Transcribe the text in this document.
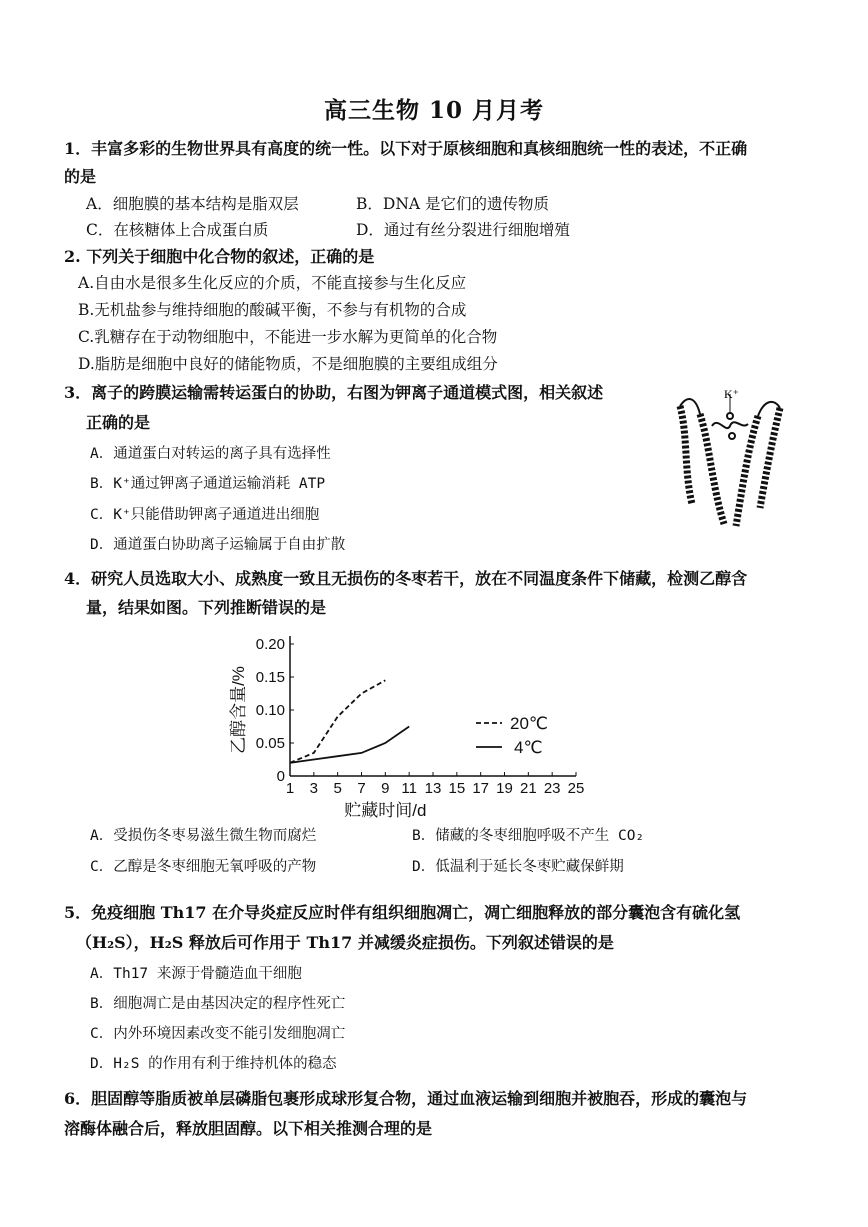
高三生物 10 月月考
1．丰富多彩的生物世界具有高度的统一性。以下对于原核细胞和真核细胞统一性的表述，不正确
的是
A．细胞膜的基本结构是脂双层	B．DNA 是它们的遗传物质
C．在核糖体上合成蛋白质	D．通过有丝分裂进行细胞增殖
2. 下列关于细胞中化合物的叙述，正确的是
A.自由水是很多生化反应的介质，不能直接参与生化反应
B.无机盐参与维持细胞的酸碱平衡，不参与有机物的合成
C.乳糖存在于动物细胞中，不能进一步水解为更简单的化合物
D.脂肪是细胞中良好的储能物质，不是细胞膜的主要组成组分
3．离子的跨膜运输需转运蛋白的协助，右图为钾离子通道模式图，相关叙述
正确的是
A．通道蛋白对转运的离子具有选择性
B．K⁺通过钾离子通道运输消耗 ATP
C．K⁺只能借助钾离子通道进出细胞
D．通道蛋白协助离子运输属于自由扩散
K⁺
4．研究人员选取大小、成熟度一致且无损伤的冬枣若干，放在不同温度条件下储藏，检测乙醇含
量，结果如图。下列推断错误的是
1 3 5 7 9 11 13 15 17 19 21 23 25
0
0.05
0.10
0.15
0.20
贮藏时间/d
乙醇含量/%	20℃
4℃
A．受损伤冬枣易滋生微生物而腐烂	B．储藏的冬枣细胞呼吸不产生 CO₂
C．乙醇是冬枣细胞无氧呼吸的产物	D．低温利于延长冬枣贮藏保鲜期
5．免疫细胞 Th17 在介导炎症反应时伴有组织细胞凋亡，凋亡细胞释放的部分囊泡含有硫化氢
（H₂S），H₂S 释放后可作用于 Th17 并减缓炎症损伤。下列叙述错误的是
A．Th17 来源于骨髓造血干细胞
B．细胞凋亡是由基因决定的程序性死亡
C．内外环境因素改变不能引发细胞凋亡
D．H₂S 的作用有利于维持机体的稳态
6．胆固醇等脂质被单层磷脂包裹形成球形复合物，通过血液运输到细胞并被胞吞，形成的囊泡与
溶酶体融合后，释放胆固醇。以下相关推测合理的是
